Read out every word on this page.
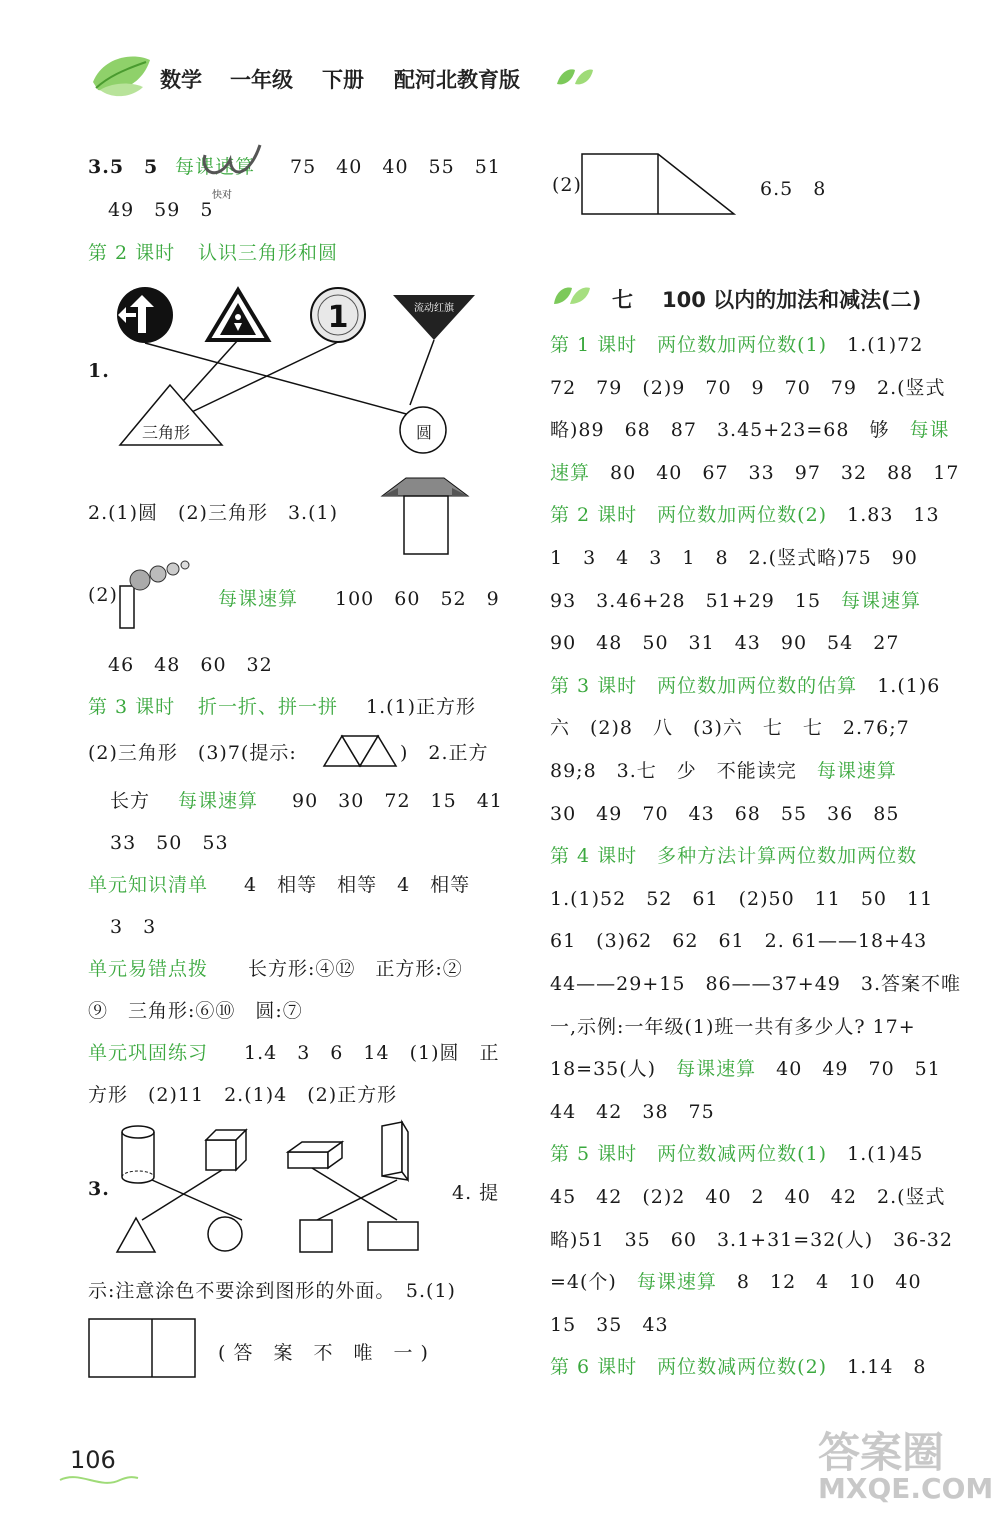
数学 一年级 下册 配河北教育版
3.5　5 每课速算 75　40　40　55　51
49　59　5
快对
第 2 课时 认识三角形和圆
1	流动红旗
1.
三角形	圆
2.(1)圆　(2)三角形　3.(1)
(2)	每课速算 100　60　52　9
46　48　60　32
第 3 课时 折一折、拼一拼 1.(1)正方形
(2)三角形　(3)7(提示:	)　2.正方
长方 每课速算 90　30　72　15　41
33　50　53
单元知识清单 4　相等　相等　4　相等
3　3
单元易错点拨 长方形:④⑫　正方形:②
⑨　三角形:⑥⑩　圆:⑦
单元巩固练习 1.4　3　6　14　(1)圆　正
方形　(2)11　2.(1)4　(2)正方形
3.	4. 提
示:注意涂色不要涂到图形的外面。　5.(1)
( 答　案　不　唯　一 )
(2)	6.5　8
七 100 以内的加法和减法(二)
第 1 课时　两位数加两位数(1)　 1.(1)72
72　79　(2)9　70　9　70　79　2.(竖式
略)89　68　87　3.45+23=68　够　 每课
速算　 80　40　67　33　97　32　88　17
第 2 课时　两位数加两位数(2)　 1.83　13
1　3　4　3　1　8　2.(竖式略)75　90
93　3.46+28　51+29　15　 每课速算
90　48　50　31　43　90　54　27
第 3 课时　两位数加两位数的估算　 1.(1)6
六　(2)8　八　(3)六　七　七　2.76;7
89;8　3.七　少　不能读完　 每课速算
30　49　70　43　68　55　36　85
第 4 课时　多种方法计算两位数加两位数　
1.(1)52　52　61　(2)50　11　50　11
61　(3)62　62　61　2. 61——18+43
44——29+15　86——37+49　3.答案不唯
一,示例:一年级(1)班一共有多少人? 17+
18=35(人)　 每课速算　 40　49　70　51
44　42　38　75
第 5 课时　两位数减两位数(1)　 1.(1)45
45　42　(2)2　40　2　40　42　2.(竖式
略)51　35　60　3.1+31=32(人)　36-32
=4(个)　 每课速算　 8　12　4　10　40
15　35　43
第 6 课时　两位数减两位数(2)　 1.14　8
106	答案圈
MXQE.COM
